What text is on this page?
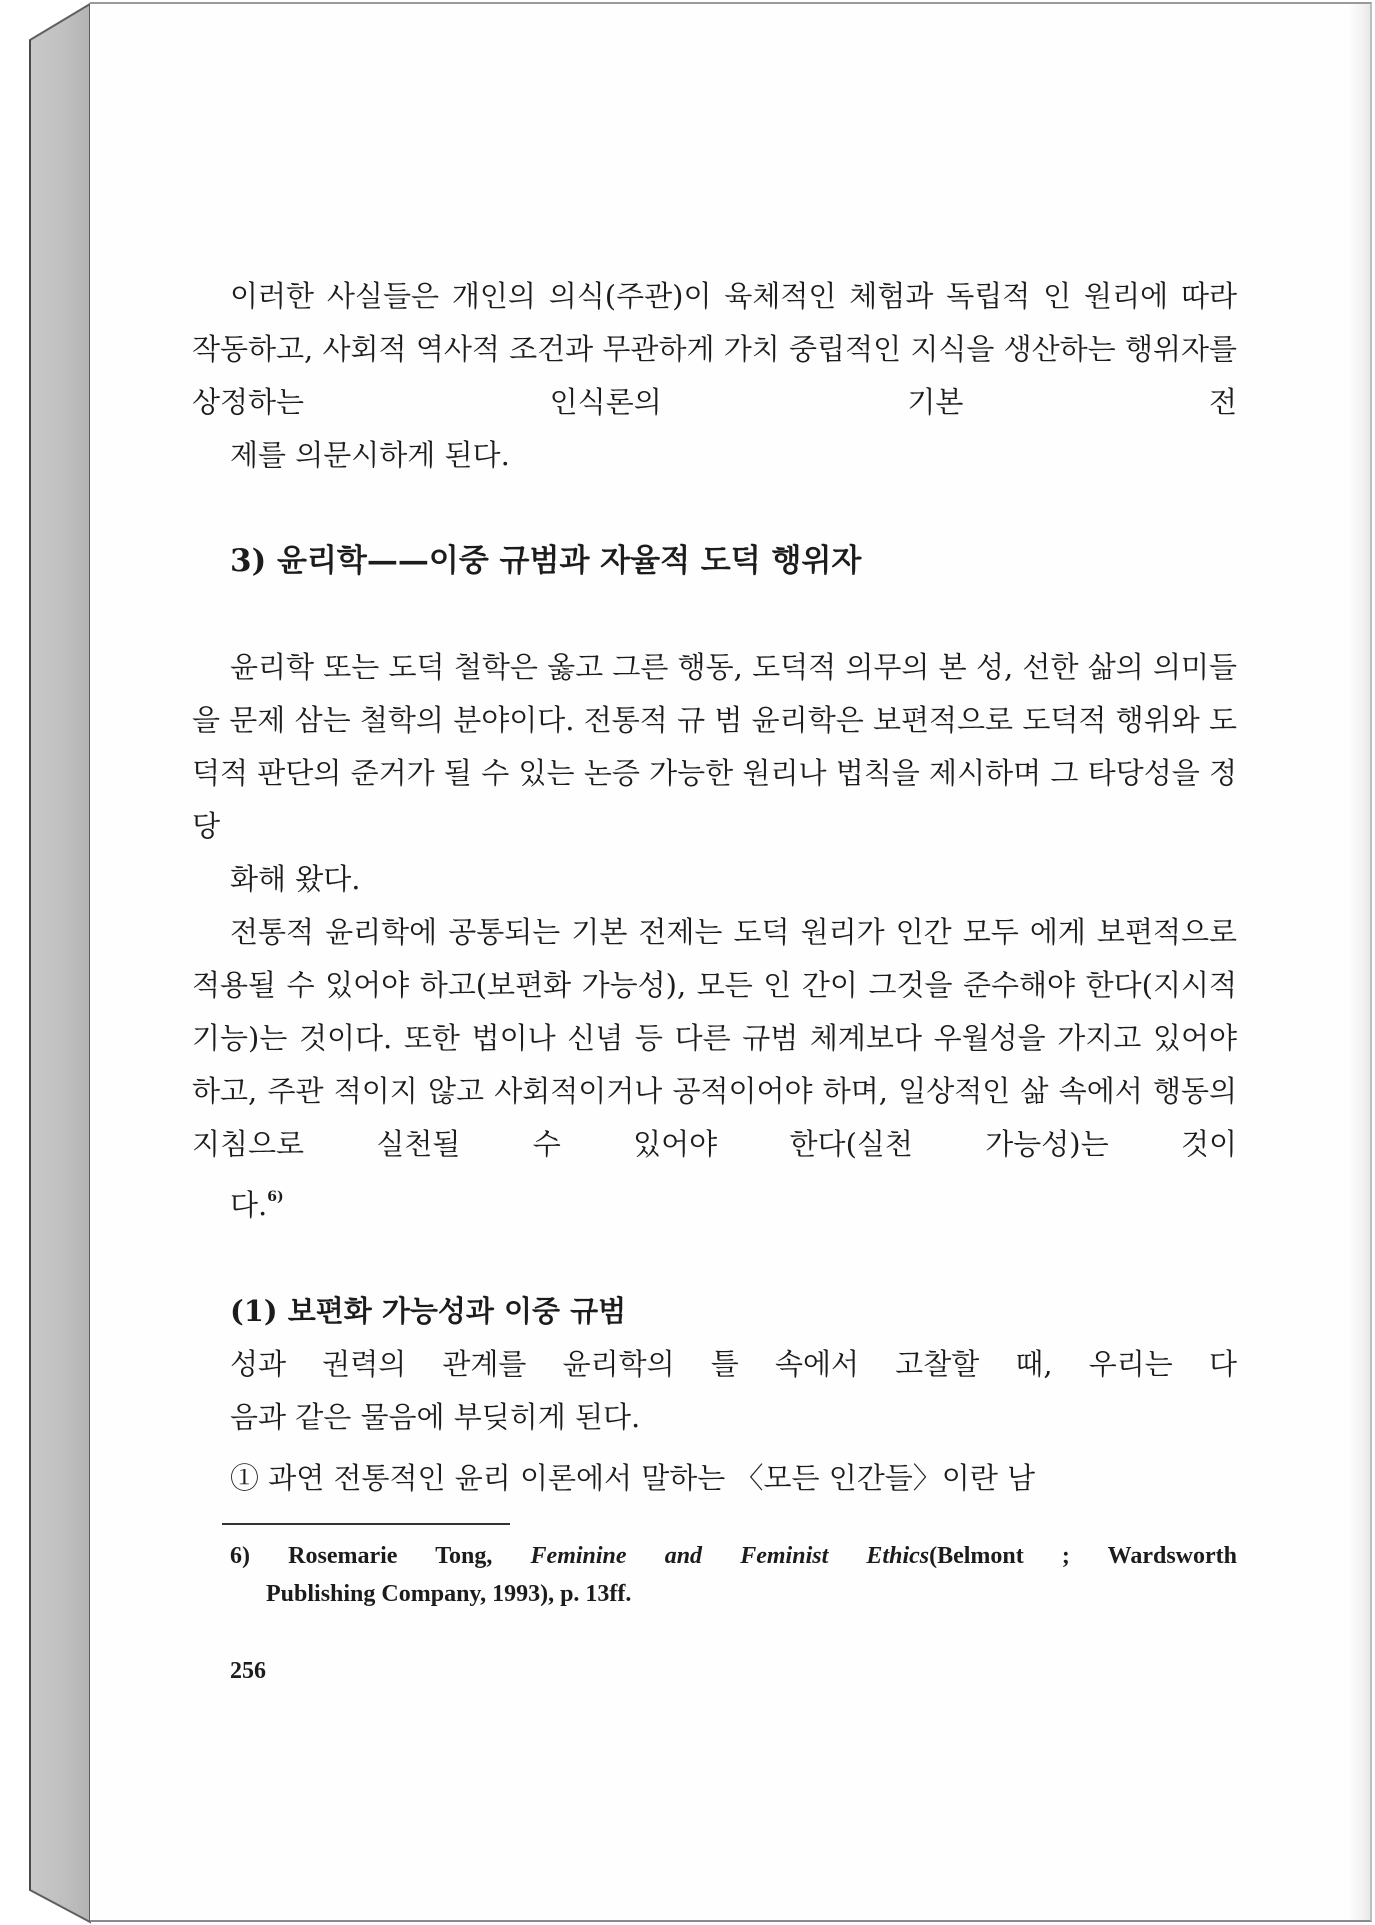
이러한 사실들은 개인의 의식(주관)이 육체적인 체험과 독립적 인 원리에 따라 작동하고, 사회적 역사적 조건과 무관하게 가치 중립적인 지식을 생산하는 행위자를 상정하는 인식론의 기본 전
제를 의문시하게 된다.

3) 윤리학——이중 규범과 자율적 도덕 행위자

윤리학 또는 도덕 철학은 옳고 그른 행동, 도덕적 의무의 본 성, 선한 삶의 의미들을 문제 삼는 철학의 분야이다. 전통적 규 범 윤리학은 보편적으로 도덕적 행위와 도덕적 판단의 준거가 될 수 있는 논증 가능한 원리나 법칙을 제시하며 그 타당성을 정당
화해 왔다.

전통적 윤리학에 공통되는 기본 전제는 도덕 원리가 인간 모두 에게 보편적으로 적용될 수 있어야 하고(보편화 가능성), 모든 인 간이 그것을 준수해야 한다(지시적 기능)는 것이다. 또한 법이나 신념 등 다른 규범 체계보다 우월성을 가지고 있어야 하고, 주관 적이지 않고 사회적이거나 공적이어야 하며, 일상적인 삶 속에서 행동의 지침으로 실천될 수 있어야 한다(실천 가능성)는 것이
다.$^{6)}$

(1) 보편화 가능성과 이중 규범

성과 권력의 관계를 윤리학의 틀 속에서 고찰할 때, 우리는 다
음과 같은 물음에 부딪히게 된다.

① 과연 전통적인 윤리 이론에서 말하는 〈모든 인간들〉이란 남

6) Rosemarie Tong, Feminine and Feminist Ethics(Belmont ; Wardsworth
Publishing Company, 1993), p. 13ff.
256
